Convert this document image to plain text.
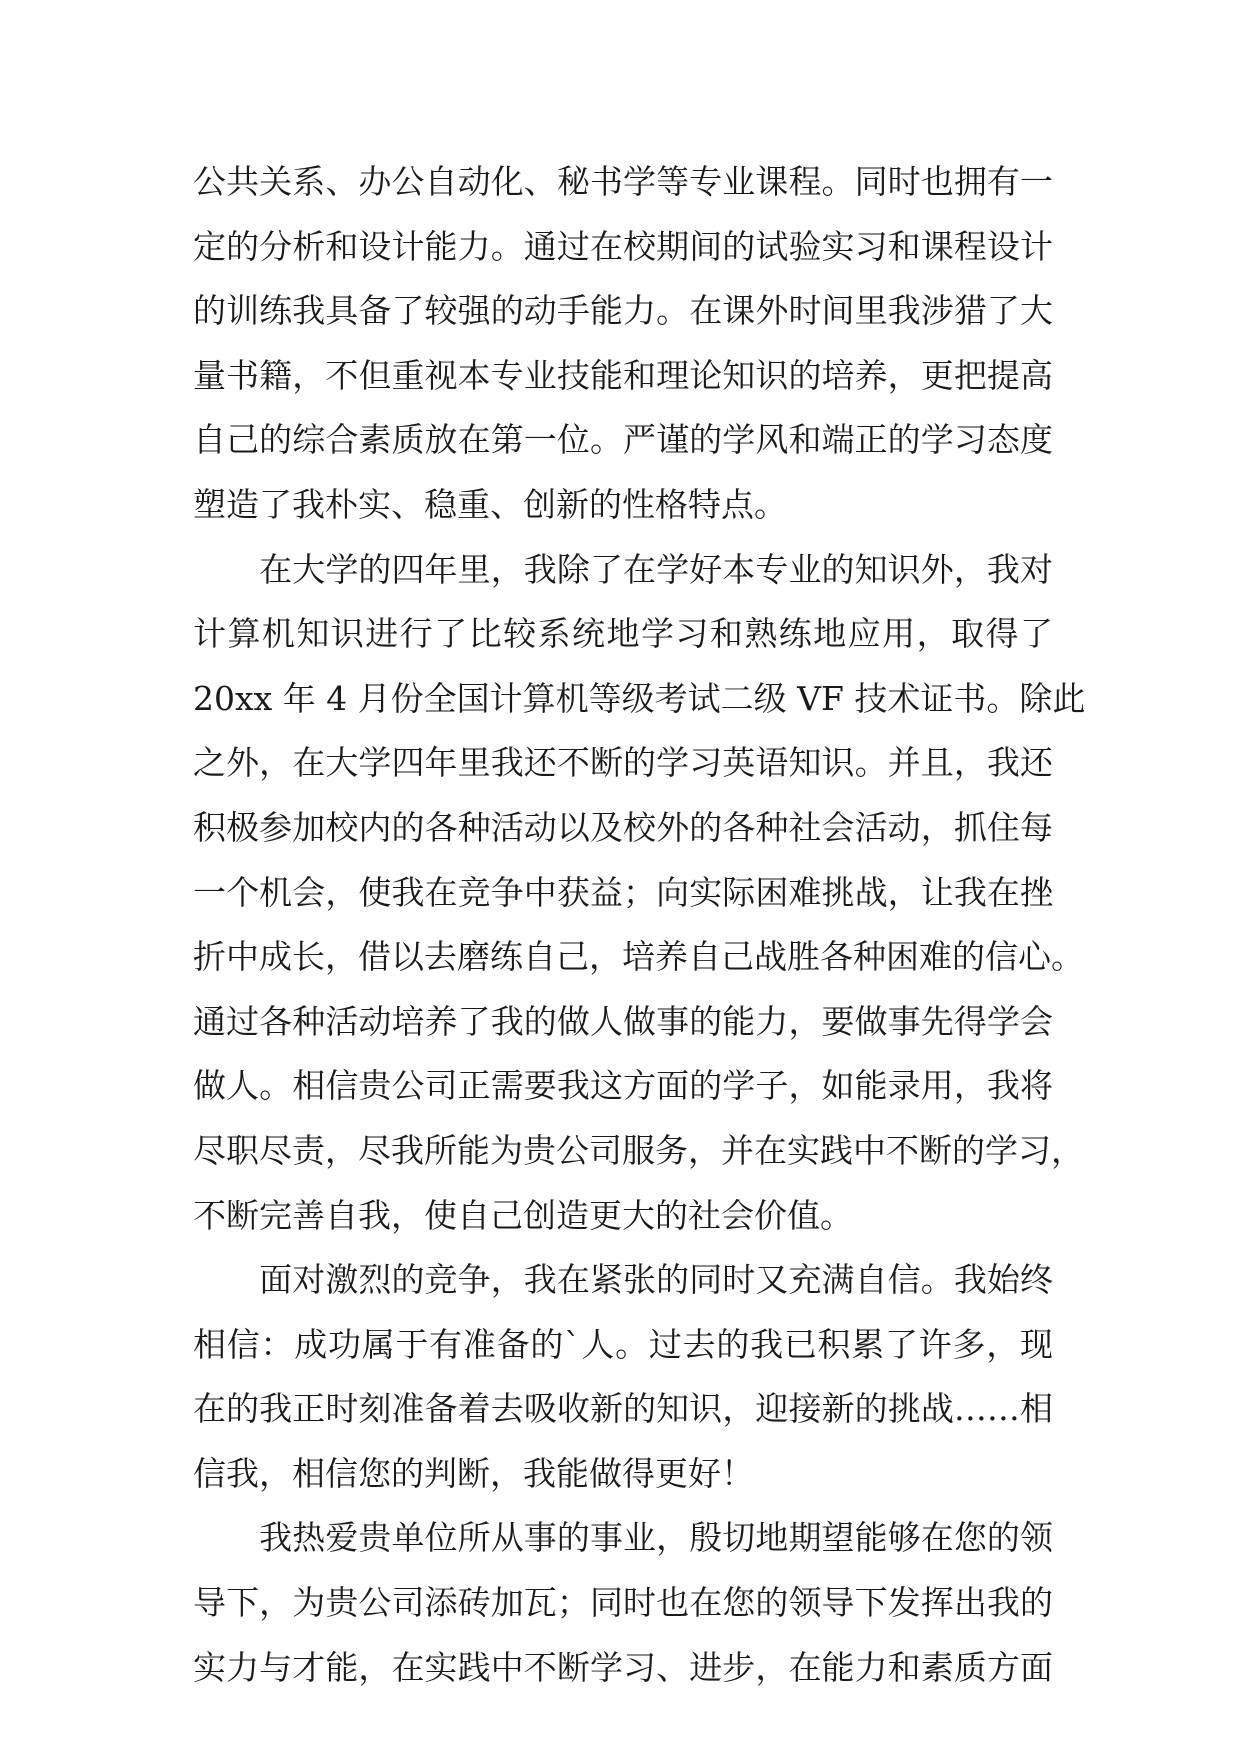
公共关系、办公自动化、秘书学等专业课程。同时也拥有一
定的分析和设计能力。通过在校期间的试验实习和课程设计
的训练我具备了较强的动手能力。在课外时间里我涉猎了大
量书籍，不但重视本专业技能和理论知识的培养，更把提高
自己的综合素质放在第一位。严谨的学风和端正的学习态度
塑造了我朴实、稳重、创新的性格特点。
　　在大学的四年里，我除了在学好本专业的知识外，我对
计算机知识进行了比较系统地学习和熟练地应用，取得了
20xx 年 4 月份全国计算机等级考试二级 VF 技术证书。除此
之外，在大学四年里我还不断的学习英语知识。并且，我还
积极参加校内的各种活动以及校外的各种社会活动，抓住每
一个机会，使我在竞争中获益；向实际困难挑战，让我在挫
折中成长，借以去磨练自己，培养自己战胜各种困难的信心。
通过各种活动培养了我的做人做事的能力，要做事先得学会
做人。相信贵公司正需要我这方面的学子，如能录用，我将
尽职尽责，尽我所能为贵公司服务，并在实践中不断的学习，
不断完善自我，使自己创造更大的社会价值。
　　面对激烈的竞争，我在紧张的同时又充满自信。我始终
相信：成功属于有准备的`人。过去的我已积累了许多，现
在的我正时刻准备着去吸收新的知识，迎接新的挑战……相
信我，相信您的判断，我能做得更好！
　　我热爱贵单位所从事的事业，殷切地期望能够在您的领
导下，为贵公司添砖加瓦；同时也在您的领导下发挥出我的
实力与才能，在实践中不断学习、进步，在能力和素质方面
